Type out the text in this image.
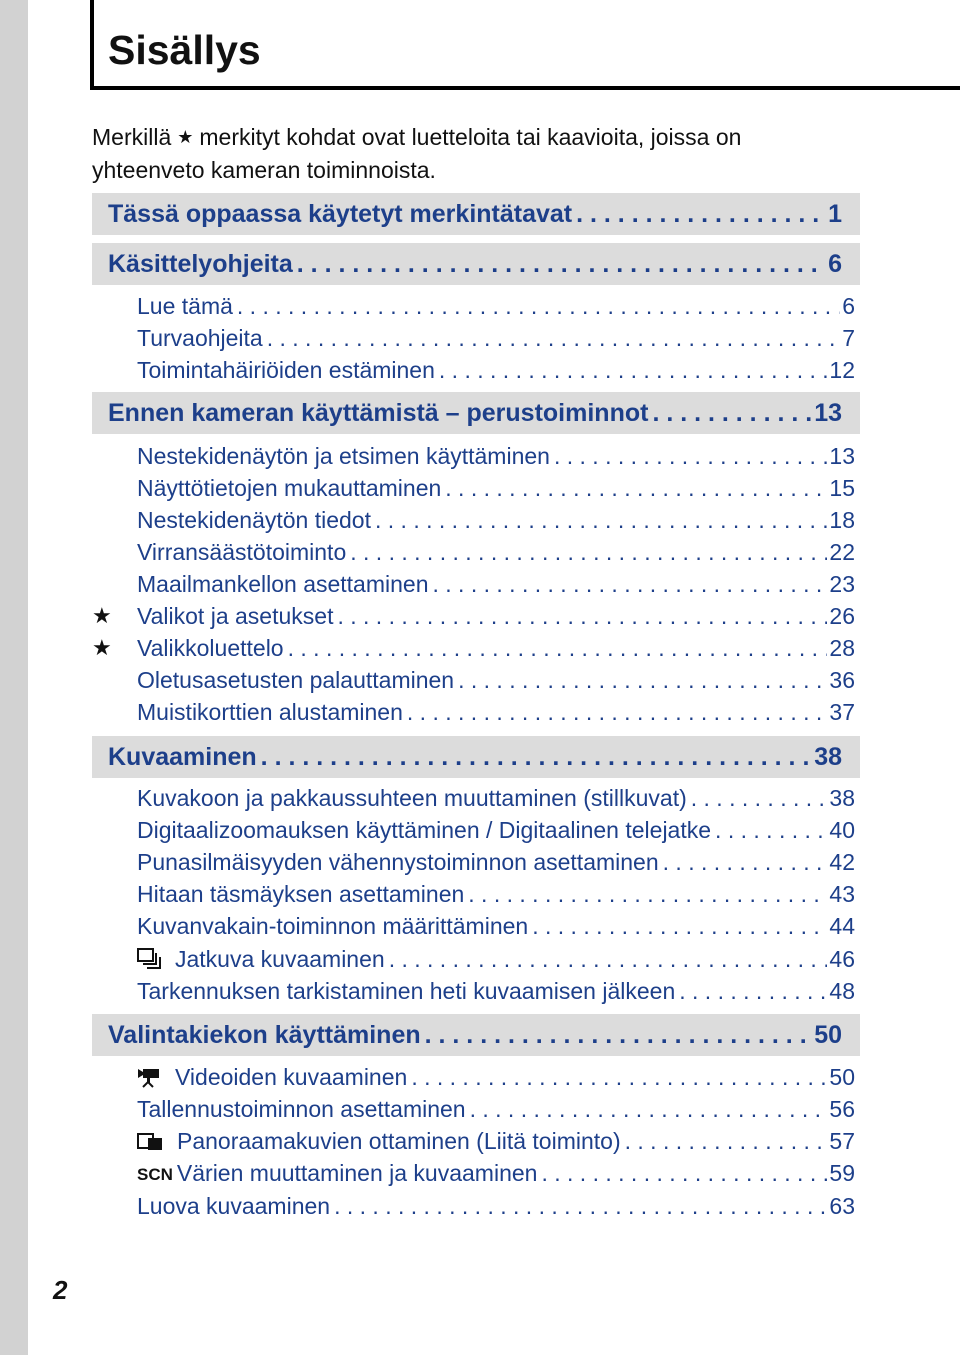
Sisällys

Merkillä ★ merkityt kohdat ovat luetteloita tai kaavioita, joissa on yhteenveto kameran toiminnoista.

Tässä oppaassa käytetyt merkintätavat . . .	1
Käsittelyohjeita . . .	6
Lue tämä . . .	6
Turvaohjeita . . .	7
Toimintahäiriöiden estäminen . . .	12
Ennen kameran käyttämistä – perustoiminnot . . .	13
Nestekidenäytön ja etsimen käyttäminen . . .	13
Näyttötietojen mukauttaminen . . .	15
Nestekidenäytön tiedot . . .	18
Virransäästötoiminto . . .	22
Maailmankellon asettaminen . . .	23
★ Valikot ja asetukset . . .	26
★ Valikkoluettelo . . .	28
Oletusasetusten palauttaminen . . .	36
Muistikorttien alustaminen . . .	37
Kuvaaminen . . .	38
Kuvakoon ja pakkaussuhteen muuttaminen (stillkuvat) . . .	38
Digitaalizoomauksen käyttäminen / Digitaalinen telejatke . . .	40
Punasilmäisyyden vähennystoiminnon asettaminen . . .	42
Hitaan täsmäyksen asettaminen . . .	43
Kuvanvakain-toiminnon määrittäminen . . .	44
Jatkuva kuvaaminen . . .	46
Tarkennuksen tarkistaminen heti kuvaamisen jälkeen . . .	48
Valintakiekon käyttäminen . . .	50
Videoiden kuvaaminen . . .	50
Tallennustoiminnon asettaminen . . .	56
Panoraamakuvien ottaminen (Liitä toiminto) . . .	57
SCN Värien muuttaminen ja kuvaaminen . . .	59
Luova kuvaaminen . . .	63

2
